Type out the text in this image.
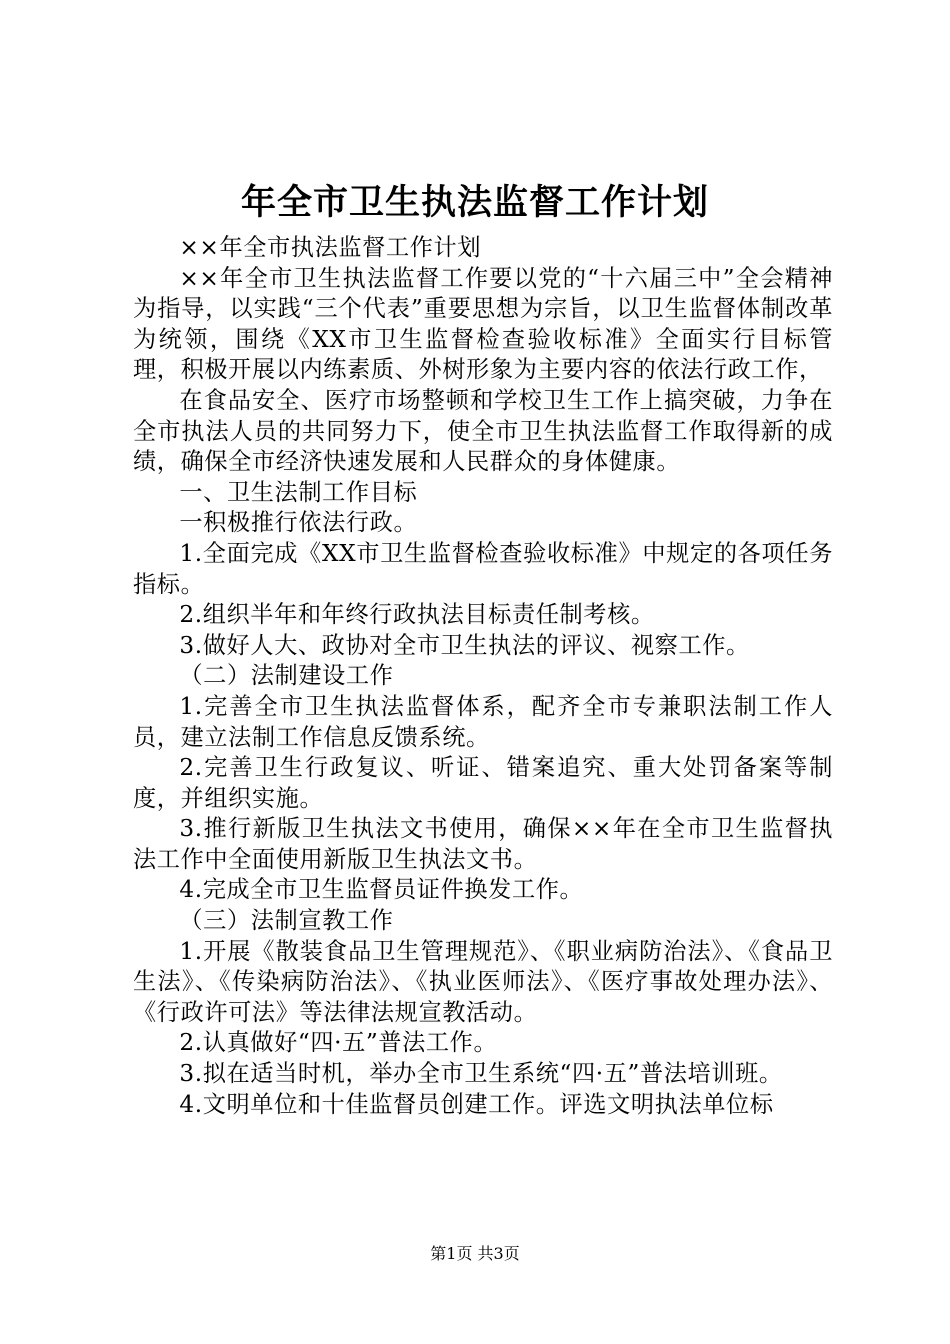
年全市卫生执法监督工作计划

××年全市执法监督工作计划

××年全市卫生执法监督工作要以党的“十六届三中”全会精神为指导，以实践“三个代表”重要思想为宗旨，以卫生监督体制改革为统领，围绕《XX市卫生监督检查验收标准》全面实行目标管理，积极开展以内练素质、外树形象为主要内容的依法行政工作，

在食品安全、医疗市场整顿和学校卫生工作上搞突破，力争在全市执法人员的共同努力下，使全市卫生执法监督工作取得新的成绩，确保全市经济快速发展和人民群众的身体健康。

一、卫生法制工作目标

一积极推行依法行政。

1.全面完成《XX市卫生监督检查验收标准》中规定的各项任务指标。

2.组织半年和年终行政执法目标责任制考核。

3.做好人大、政协对全市卫生执法的评议、视察工作。

（二）法制建设工作

1.完善全市卫生执法监督体系，配齐全市专兼职法制工作人员，建立法制工作信息反馈系统。

2.完善卫生行政复议、听证、错案追究、重大处罚备案等制度，并组织实施。

3.推行新版卫生执法文书使用，确保××年在全市卫生监督执法工作中全面使用新版卫生执法文书。

4.完成全市卫生监督员证件换发工作。

（三）法制宣教工作

1.开展《散装食品卫生管理规范》、《职业病防治法》、《食品卫生法》、《传染病防治法》、《执业医师法》、《医疗事故处理办法》、《行政许可法》等法律法规宣教活动。

2.认真做好“四·五”普法工作。

3.拟在适当时机，举办全市卫生系统“四·五”普法培训班。

4.文明单位和十佳监督员创建工作。评选文明执法单位标

第1页 共3页
